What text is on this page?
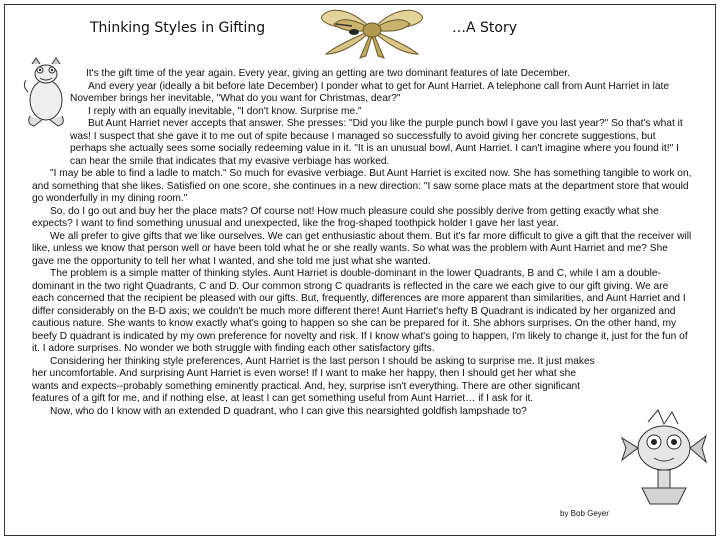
Thinking Styles in Gifting	…A Story

It's the gift time of the year again. Every year, giving an getting are two dominant features of late December.

And every year (ideally a bit before late December) I ponder what to get for Aunt Harriet. A telephone call from Aunt Harriet in late November brings her inevitable, "What do you want for Christmas, dear?"

I reply with an equally inevitable, "I don't know. Surprise me."

But Aunt Harriet never accepts that answer. She presses: "Did you like the purple punch bowl I gave you last year?" So that's what it was! I suspect that she gave it to me out of spite because I managed so successfully to avoid giving her concrete suggestions, but perhaps she actually sees some socially redeeming value in it. "It is an unusual bowl, Aunt Harriet. I can't imagine where you found it!" I can hear the smile that indicates that my evasive verbiage has worked.

"I may be able to find a ladle to match." So much for evasive verbiage. But Aunt Harriet is excited now. She has something tangible to work on, and something that she likes. Satisfied on one score, she continues in a new direction: "I saw some place mats at the department store that would go wonderfully in my dining room."

So, do I go out and buy her the place mats? Of course not! How much pleasure could she possibly derive from getting exactly what she expects? I want to find something unusual and unexpected, like the frog-shaped toothpick holder I gave her last year.

We all prefer to give gifts that we like ourselves. We can get enthusiastic about them. But it's far more difficult to give a gift that the receiver will like, unless we know that person well or have been told what he or she really wants. So what was the problem with Aunt Harriet and me? She gave me the opportunity to tell her what I wanted, and she told me just what she wanted.

The problem is a simple matter of thinking styles. Aunt Harriet is double-dominant in the lower Quadrants, B and C, while I am a double-dominant in the two right Quadrants, C and D. Our common strong C quadrants is reflected in the care we each give to our gift giving. We are each concerned that the recipient be pleased with our gifts. But, frequently, differences are more apparent than similarities, and Aunt Harriet and I differ considerably on the B-D axis; we couldn't be much more different there! Aunt Harriet's hefty B Quadrant is indicated by her organized and cautious nature. She wants to know exactly what's going to happen so she can be prepared for it. She abhors surprises. On the other hand, my beefy D quadrant is indicated by my own preference for novelty and risk. If I know what's going to happen, I'm likely to change it, just for the fun of it. I adore surprises. No wonder we both struggle with finding each other satisfactory gifts.

Considering her thinking style preferences, Aunt Harriet is the last person I should be asking to surprise me. It just makes her uncomfortable. And surprising Aunt Harriet is even worse! If I want to make her happy, then I should get her what she wants and expects--probably something eminently practical. And, hey, surprise isn't everything. There are other significant features of a gift for me, and if nothing else, at least I can get something useful from Aunt Harriet… if I ask for it.

Now, who do I know with an extended D quadrant, who I can give this nearsighted goldfish lampshade to?

by Bob Geyer
